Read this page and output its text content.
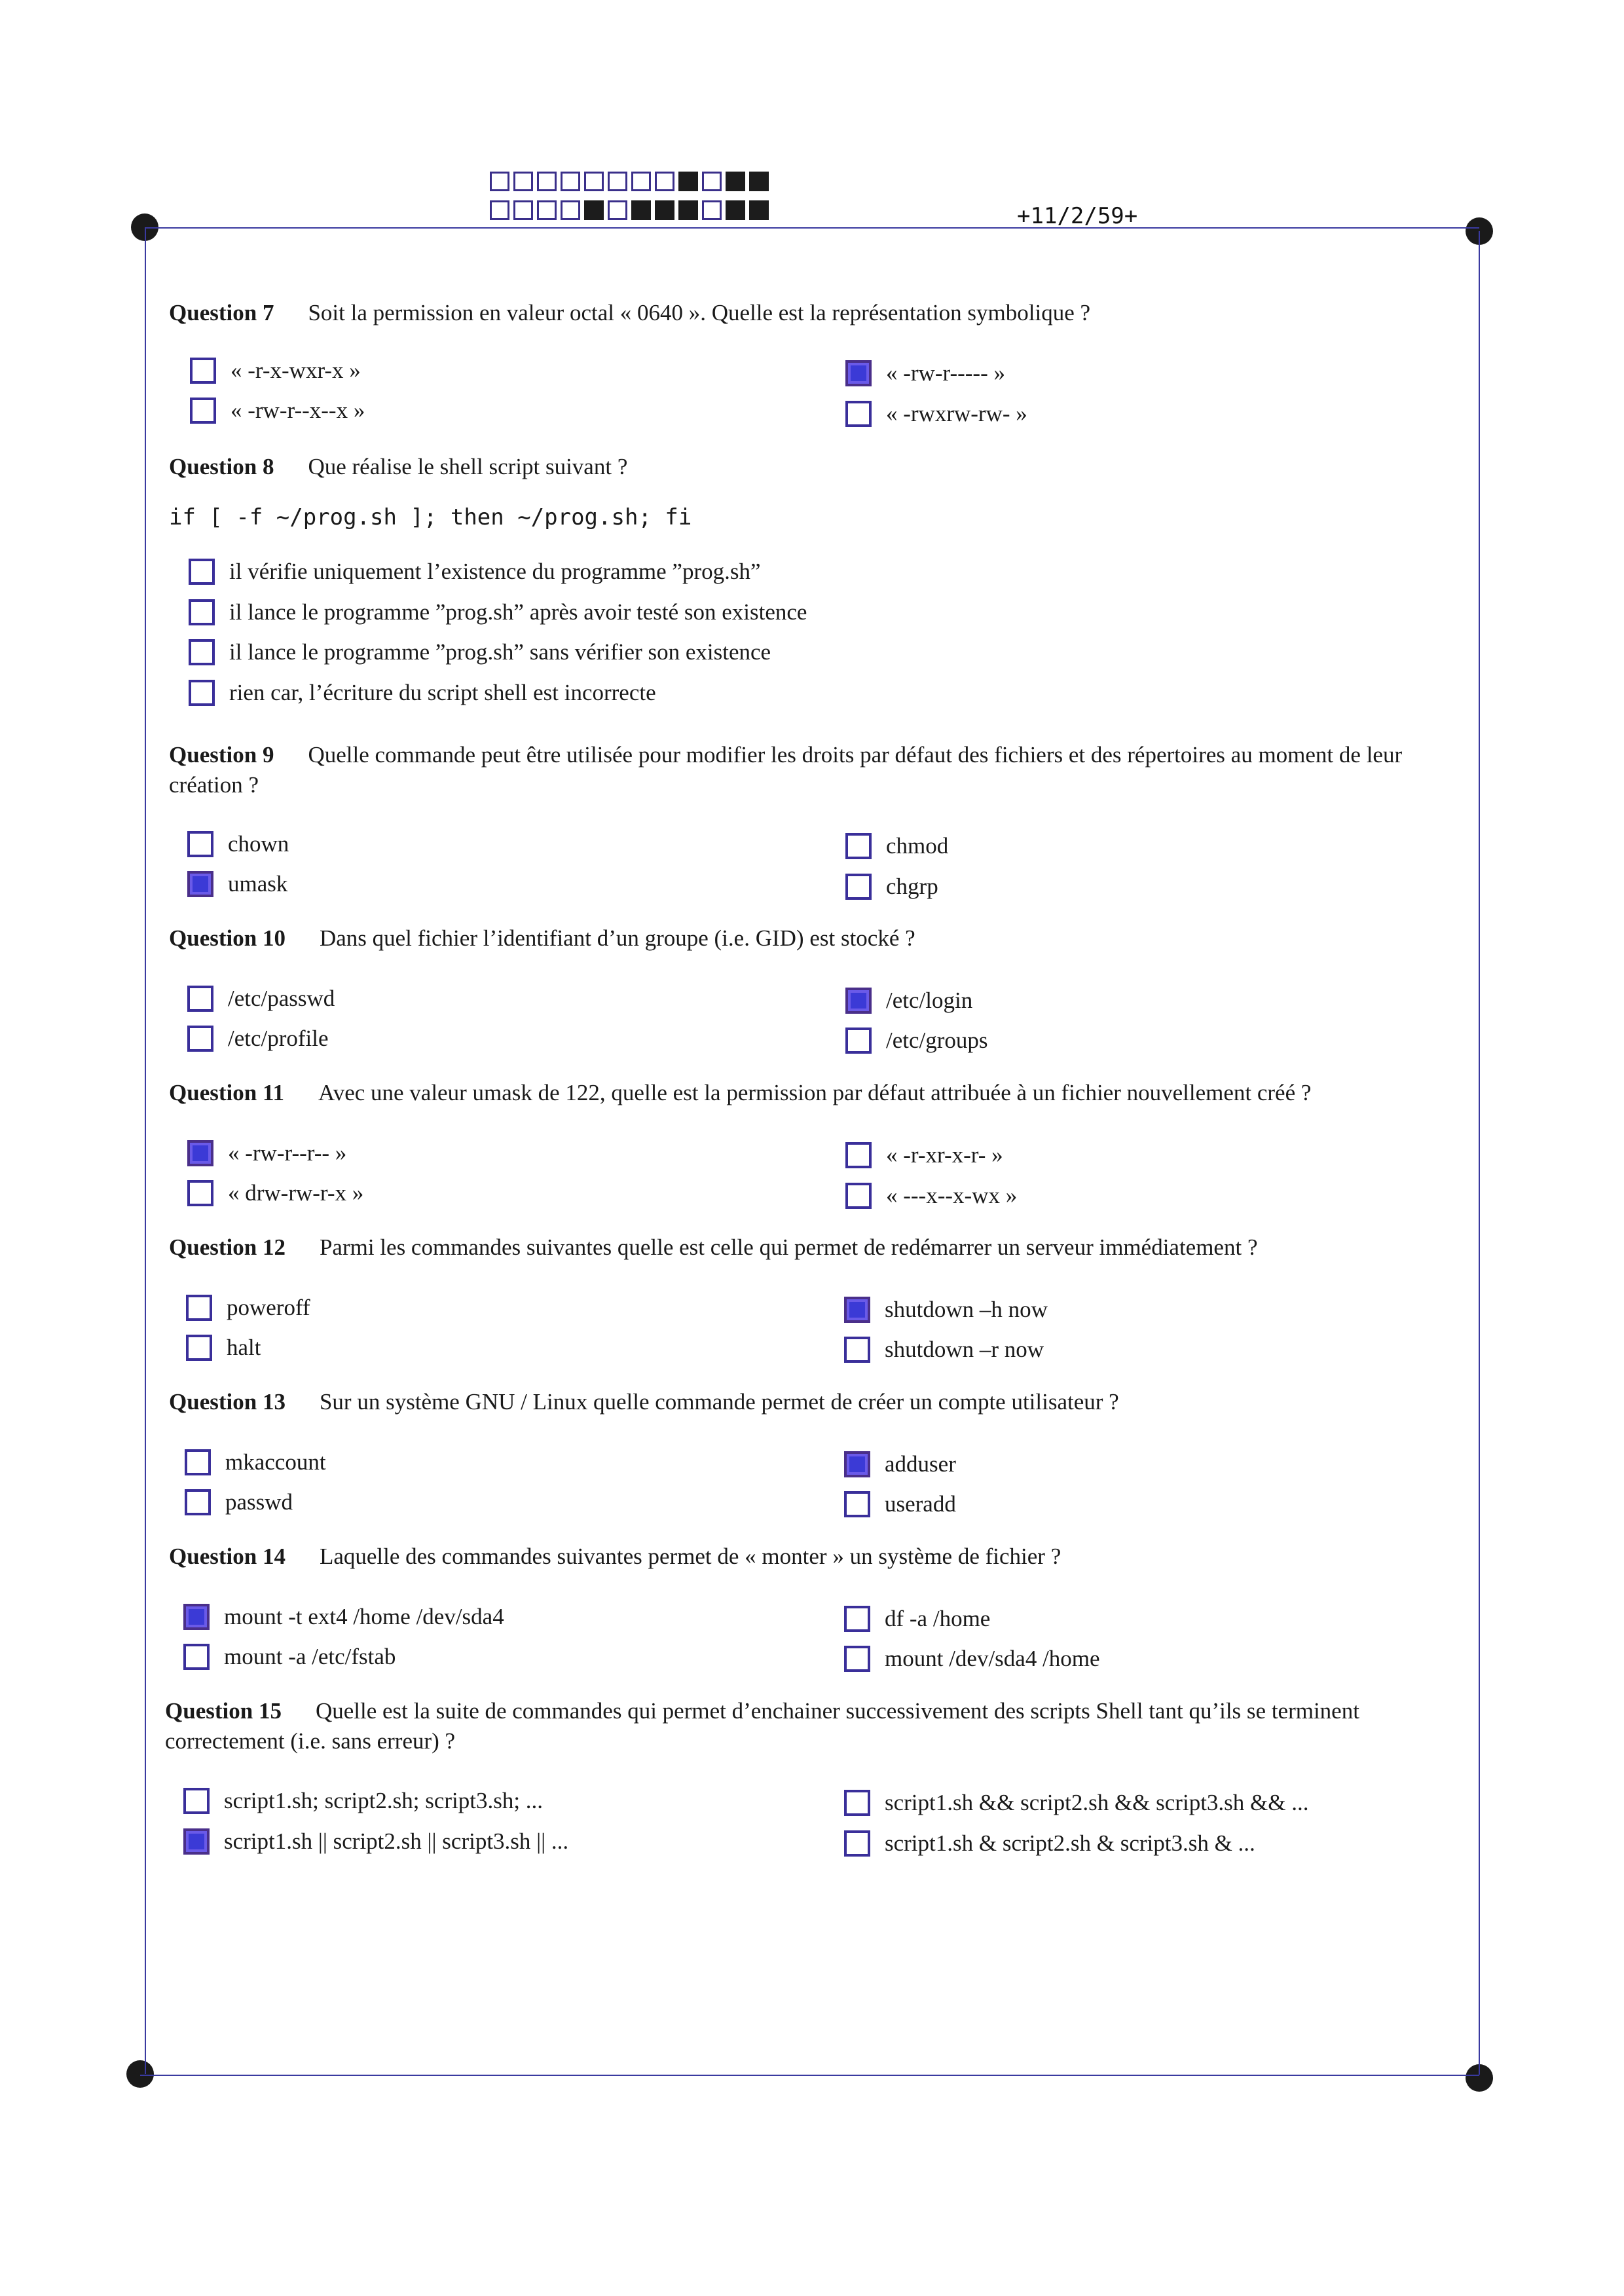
+11/2/59+
Question 7 Soit la permission en valeur octal « 0640 ». Quelle est la représentation symbolique ?
« -r-x-wxr-x »
« -rw-r--x--x »
« -rw-r----- »
« -rwxrw-rw- »
Question 8 Que réalise le shell script suivant ?
if [ -f ~/prog.sh ]; then ~/prog.sh; fi
il vérifie uniquement l’existence du programme ”prog.sh”
il lance le programme ”prog.sh” après avoir testé son existence
il lance le programme ”prog.sh” sans vérifier son existence
rien car, l’écriture du script shell est incorrecte
Question 9 Quelle commande peut être utilisée pour modifier les droits par défaut des fichiers et des répertoires au moment de leur création ?
chown
umask
chmod
chgrp
Question 10 Dans quel fichier l’identifiant d’un groupe (i.e. GID) est stocké ?
/etc/passwd
/etc/profile
/etc/login
/etc/groups
Question 11 Avec une valeur umask de 122, quelle est la permission par défaut attribuée à un fichier nouvellement créé ?
« -rw-r--r-- »
« drw-rw-r-x »
« -r-xr-x-r- »
« ---x--x-wx »
Question 12 Parmi les commandes suivantes quelle est celle qui permet de redémarrer un serveur immédiatement ?
poweroff
halt
shutdown –h now
shutdown –r now
Question 13 Sur un système GNU / Linux quelle commande permet de créer un compte utilisateur ?
mkaccount
passwd
adduser
useradd
Question 14 Laquelle des commandes suivantes permet de « monter » un système de fichier ?
mount -t ext4 /home /dev/sda4
mount -a /etc/fstab
df -a /home
mount /dev/sda4 /home
Question 15 Quelle est la suite de commandes qui permet d’enchainer successivement des scripts Shell tant qu’ils se terminent correctement (i.e. sans erreur) ?
script1.sh; script2.sh; script3.sh; ...
script1.sh || script2.sh || script3.sh || ...
script1.sh && script2.sh && script3.sh && ...
script1.sh & script2.sh & script3.sh & ...
